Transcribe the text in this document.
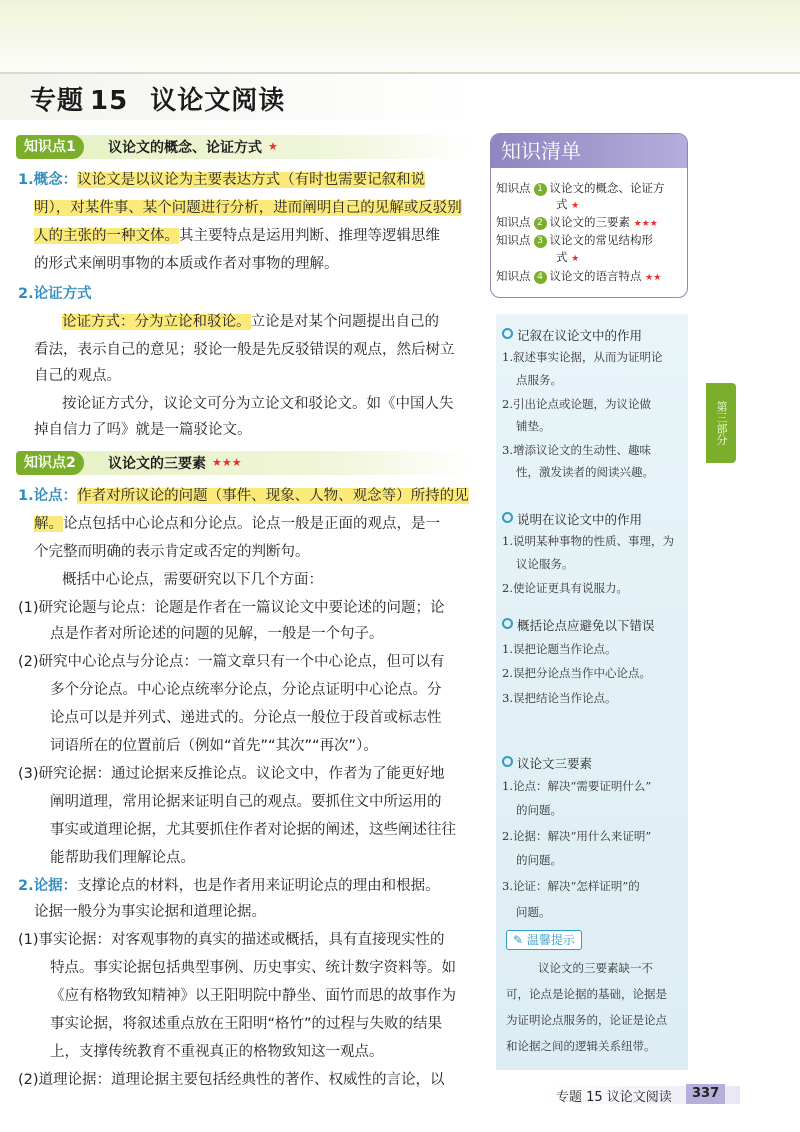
专题 15 议论文阅读
知识点1	议论文的概念、论证方式 ★
1.概念：议论文是以议论为主要表达方式（有时也需要记叙和说
明），对某件事、某个问题进行分析，进而阐明自己的见解或反驳别
人的主张的一种文体。其主要特点是运用判断、推理等逻辑思维
的形式来阐明事物的本质或作者对事物的理解。
2.论证方式
论证方式：分为立论和驳论。立论是对某个问题提出自己的
看法，表示自己的意见；驳论一般是先反驳错误的观点，然后树立
自己的观点。
按论证方式分，议论文可分为立论文和驳论文。如《中国人失
掉自信力了吗》就是一篇驳论文。
知识点2	议论文的三要素 ★★★
1.论点：作者对所议论的问题（事件、现象、人物、观念等）所持的见
解。论点包括中心论点和分论点。论点一般是正面的观点，是一
个完整而明确的表示肯定或否定的判断句。
概括中心论点，需要研究以下几个方面：
(1)研究论题与论点：论题是作者在一篇议论文中要论述的问题；论
点是作者对所论述的问题的见解，一般是一个句子。
(2)研究中心论点与分论点：一篇文章只有一个中心论点，但可以有
多个分论点。中心论点统率分论点，分论点证明中心论点。分
论点可以是并列式、递进式的。分论点一般位于段首或标志性
词语所在的位置前后（例如“首先”“其次”“再次”）。
(3)研究论据：通过论据来反推论点。议论文中，作者为了能更好地
阐明道理，常用论据来证明自己的观点。要抓住文中所运用的
事实或道理论据，尤其要抓住作者对论据的阐述，这些阐述往往
能帮助我们理解论点。
2.论据：支撑论点的材料，也是作者用来证明论点的理由和根据。
论据一般分为事实论据和道理论据。
(1)事实论据：对客观事物的真实的描述或概括，具有直接现实性的
特点。事实论据包括典型事例、历史事实、统计数字资料等。如
《应有格物致知精神》以王阳明院中静坐、面竹而思的故事作为
事实论据，将叙述重点放在王阳明“格竹”的过程与失败的结果
上，支撑传统教育不重视真正的格物致知这一观点。
(2)道理论据：道理论据主要包括经典性的著作、权威性的言论，以
知识清单
知识点 1 议论文的概念、论证方
式 ★
知识点 2 议论文的三要素 ★★★
知识点 3 议论文的常见结构形
式 ★
知识点 4 议论文的语言特点 ★★
记叙在议论文中的作用
1.叙述事实论据，从而为证明论
点服务。
2.引出论点或论题，为议论做
铺垫。
3.增添议论文的生动性、趣味
性，激发读者的阅读兴趣。
说明在议论文中的作用
1.说明某种事物的性质、事理，为
议论服务。
2.使论证更具有说服力。
概括论点应避免以下错误
1.误把论题当作论点。
2.误把分论点当作中心论点。
3.误把结论当作论点。
议论文三要素
1.论点：解决“需要证明什么”
的问题。
2.论据：解决“用什么来证明”
的问题。
3.论证：解决“怎样证明”的
问题。
✎ 温馨提示
议论文的三要素缺一不
可，论点是论据的基础，论据是
为证明论点服务的，论证是论点
和论据之间的逻辑关系纽带。
第三部分
专题 15 议论文阅读	337
